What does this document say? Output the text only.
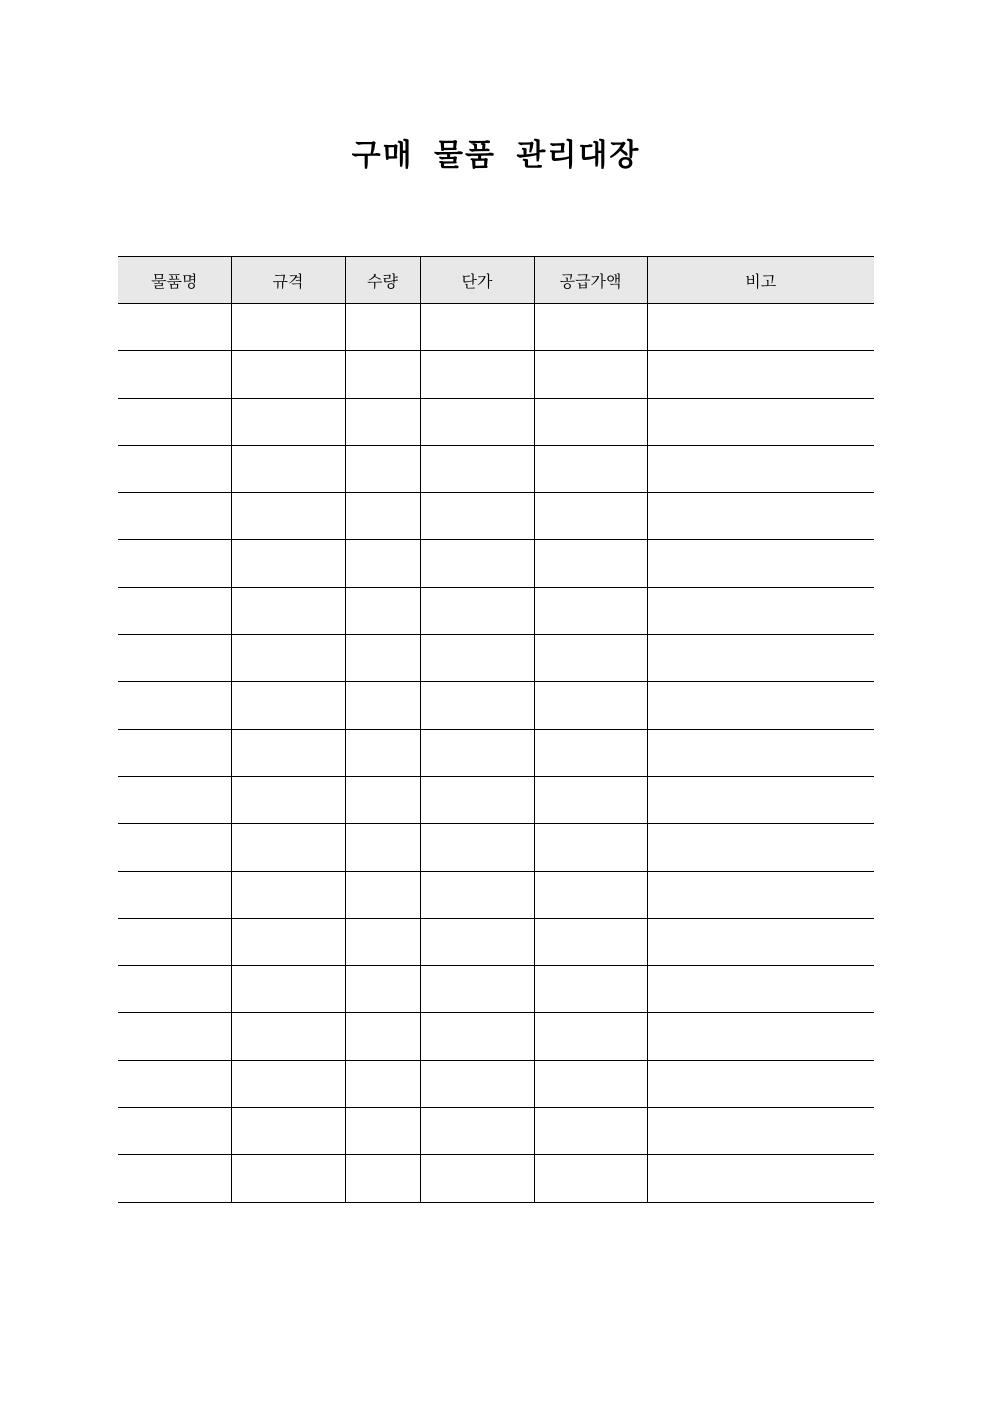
구매 물품 관리대장
물품명	규격	수량	단가	공급가액	비고
